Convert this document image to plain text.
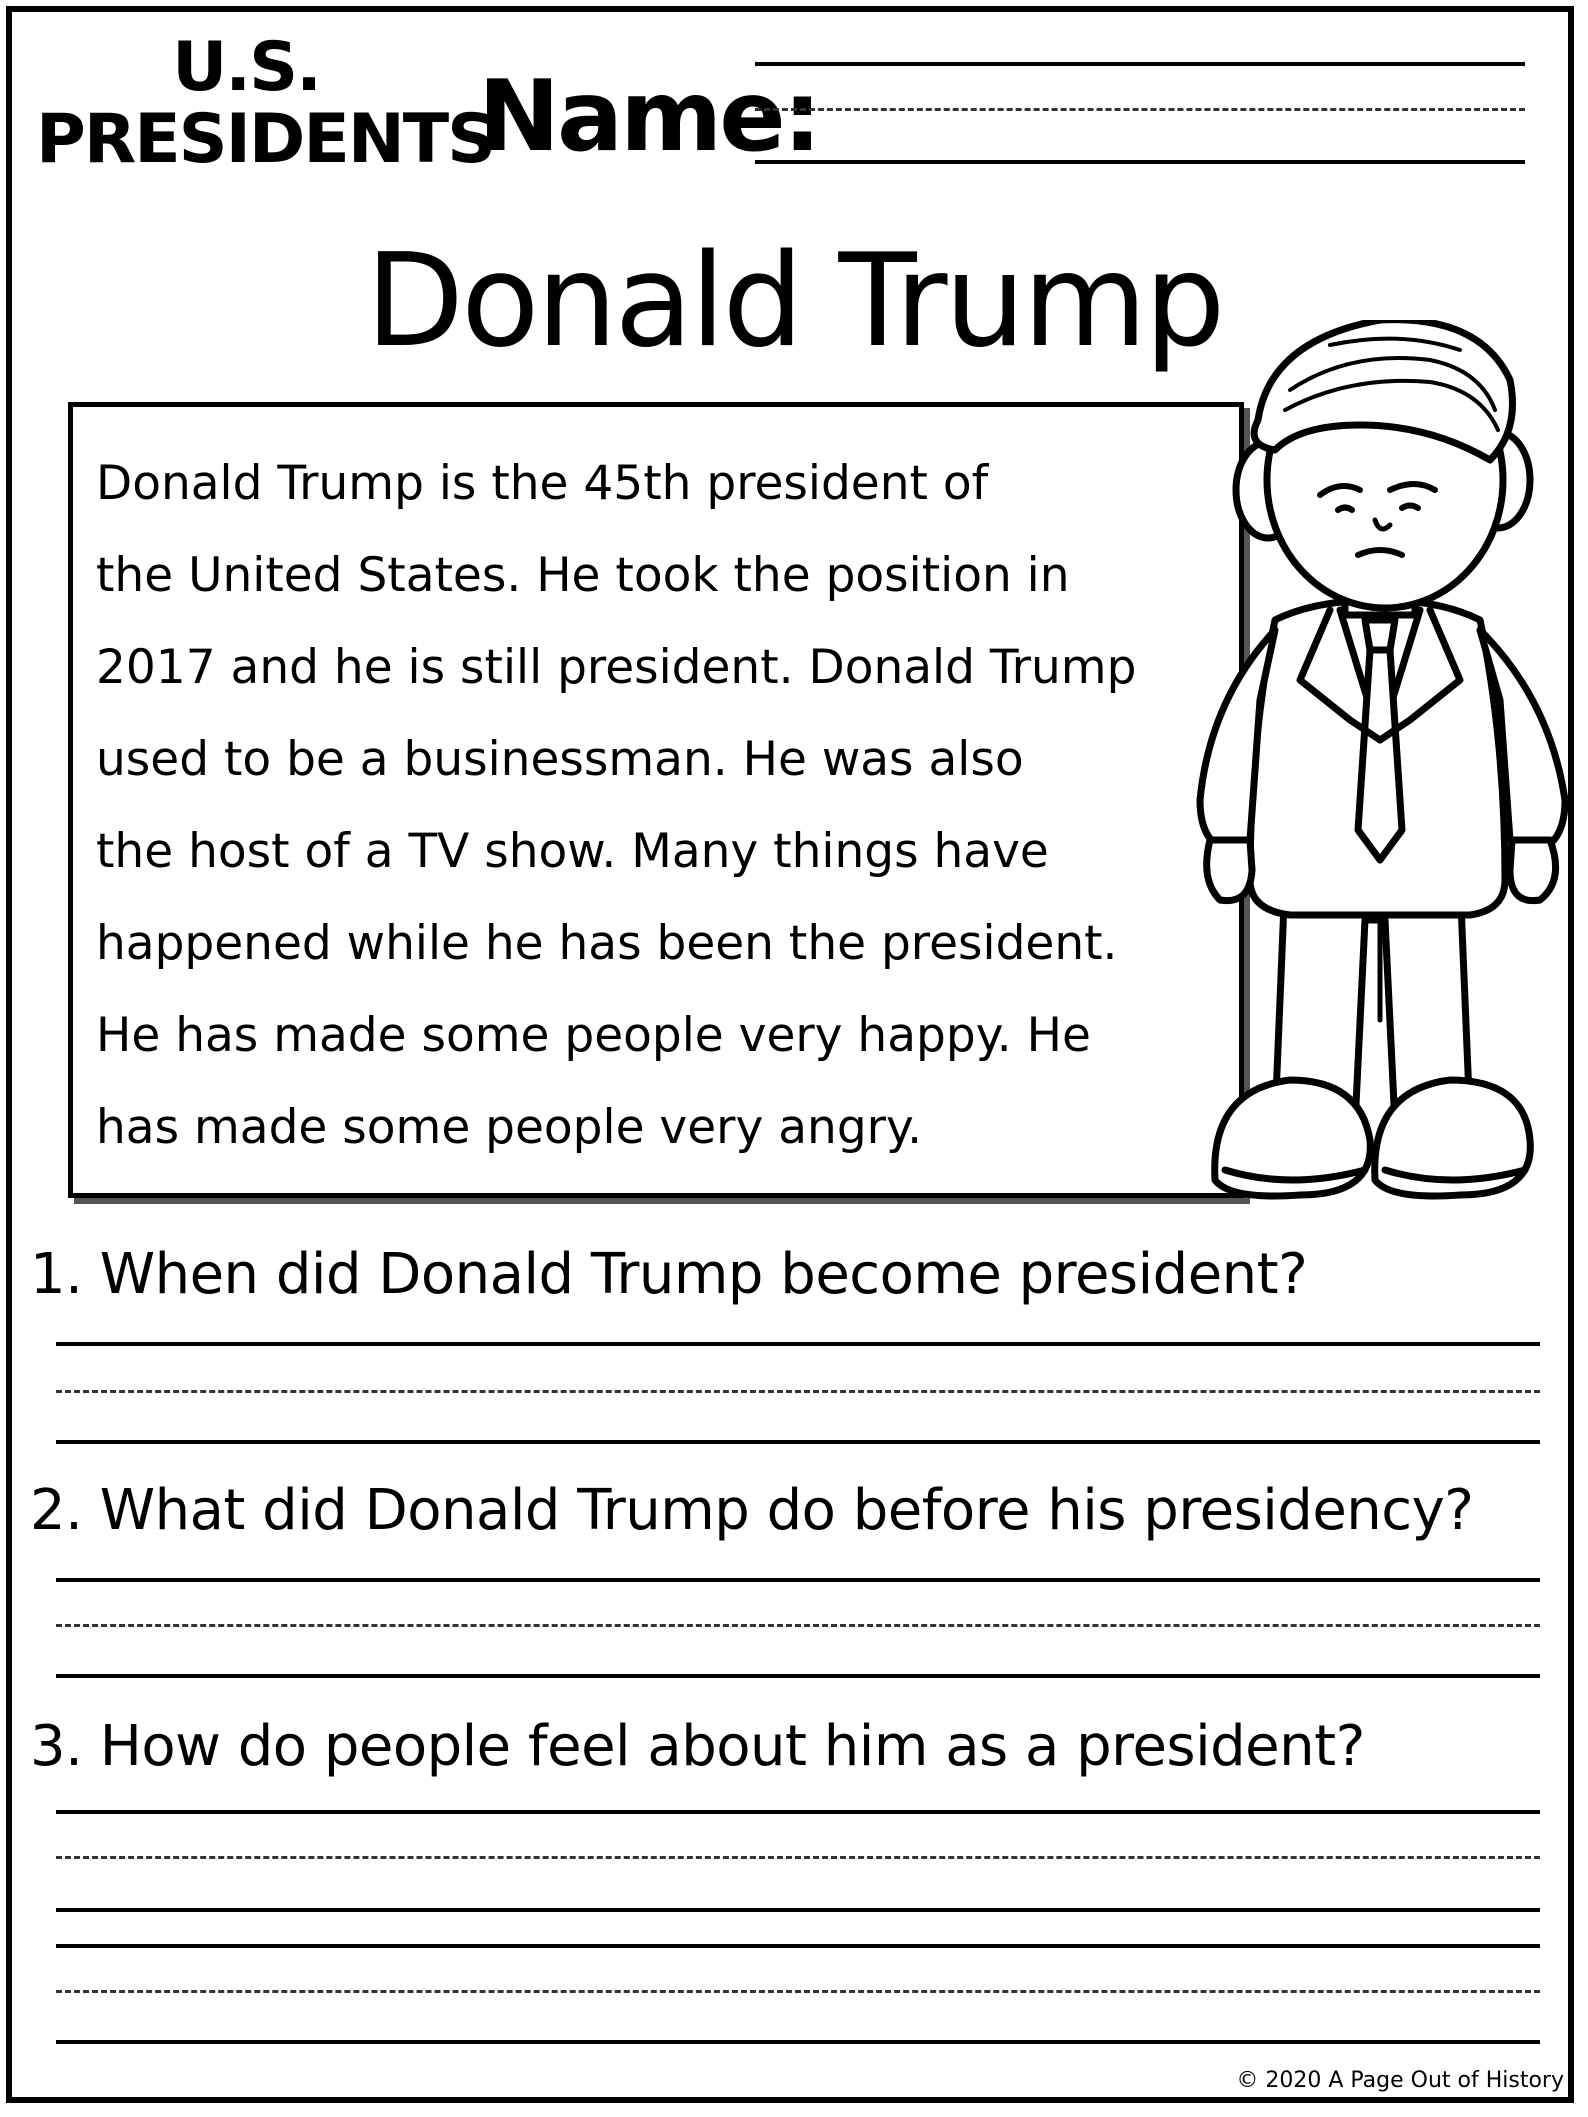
U.S.
PRESIDENTS
Name:
Donald Trump
Donald Trump is the 45th president of
the United States. He took the position in
2017 and he is still president. Donald Trump
used to be a businessman. He was also
the host of a TV show. Many things have
happened while he has been the president.
He has made some people very happy. He
has made some people very angry.
1. When did Donald Trump become president?
2. What did Donald Trump do before his presidency?
3. How do people feel about him as a president?
© 2020 A Page Out of History
